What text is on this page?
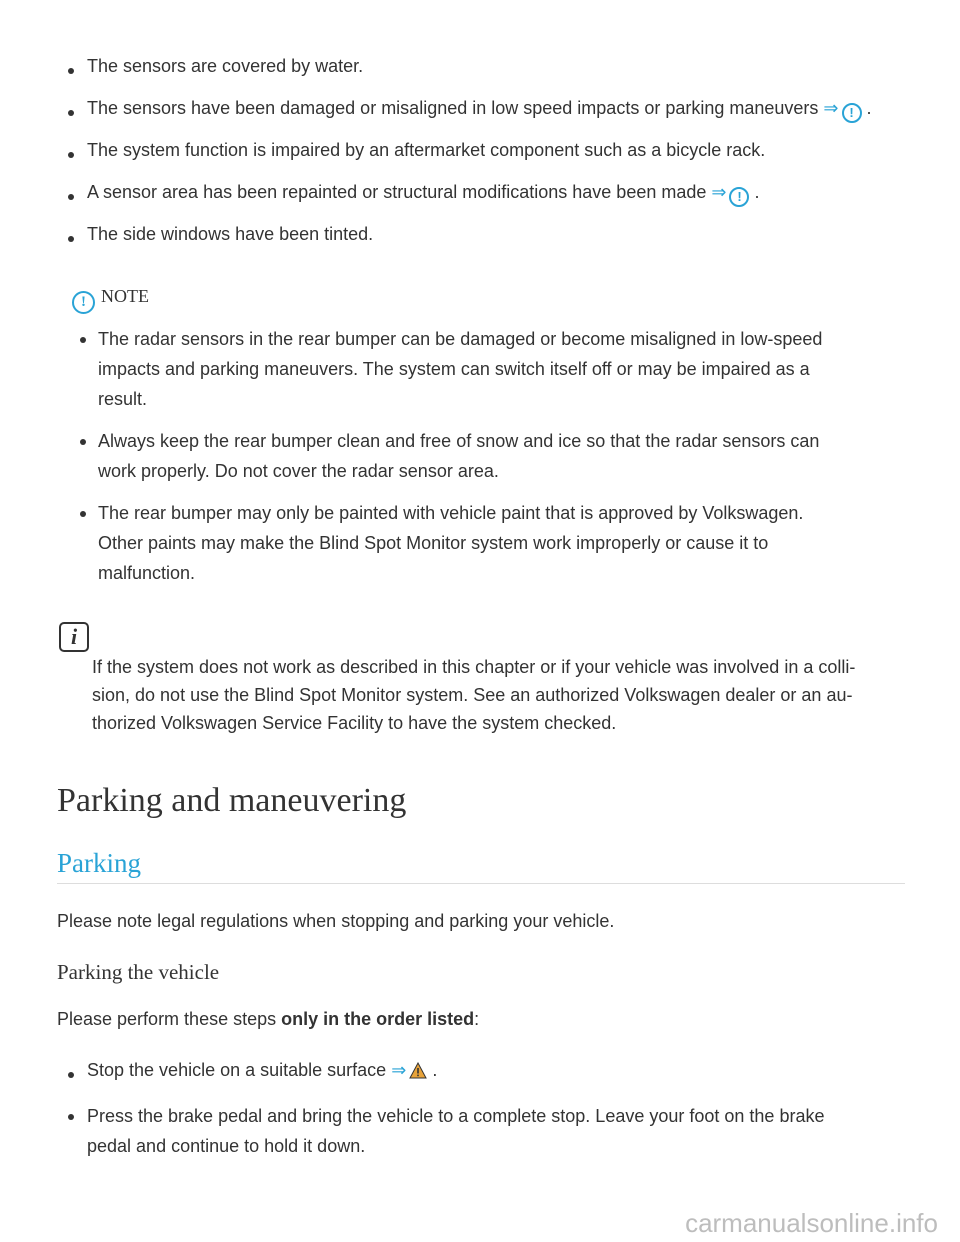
The sensors are covered by water.
The sensors have been damaged or misaligned in low speed impacts or parking maneuvers ⇒ ! .
The system function is impaired by an aftermarket component such as a bicycle rack.
A sensor area has been repainted or structural modifications have been made ⇒ ! .
The side windows have been tinted.
! NOTE
The radar sensors in the rear bumper can be damaged or become misaligned in low-speed
impacts and parking maneuvers. The system can switch itself off or may be impaired as a
result.
Always keep the rear bumper clean and free of snow and ice so that the radar sensors can
work properly. Do not cover the radar sensor area.
The rear bumper may only be painted with vehicle paint that is approved by Volkswagen.
Other paints may make the Blind Spot Monitor system work improperly or cause it to
malfunction.
i
If the system does not work as described in this chapter or if your vehicle was involved in a colli-
sion, do not use the Blind Spot Monitor system. See an authorized Volkswagen dealer or an au-
thorized Volkswagen Service Facility to have the system checked.
Parking and maneuvering
Parking
Please note legal regulations when stopping and parking your vehicle.
Parking the vehicle
Please perform these steps only in the order listed:
Stop the vehicle on a suitable surface ⇒ .
Press the brake pedal and bring the vehicle to a complete stop. Leave your foot on the brake
pedal and continue to hold it down.
carmanualsonline.info
